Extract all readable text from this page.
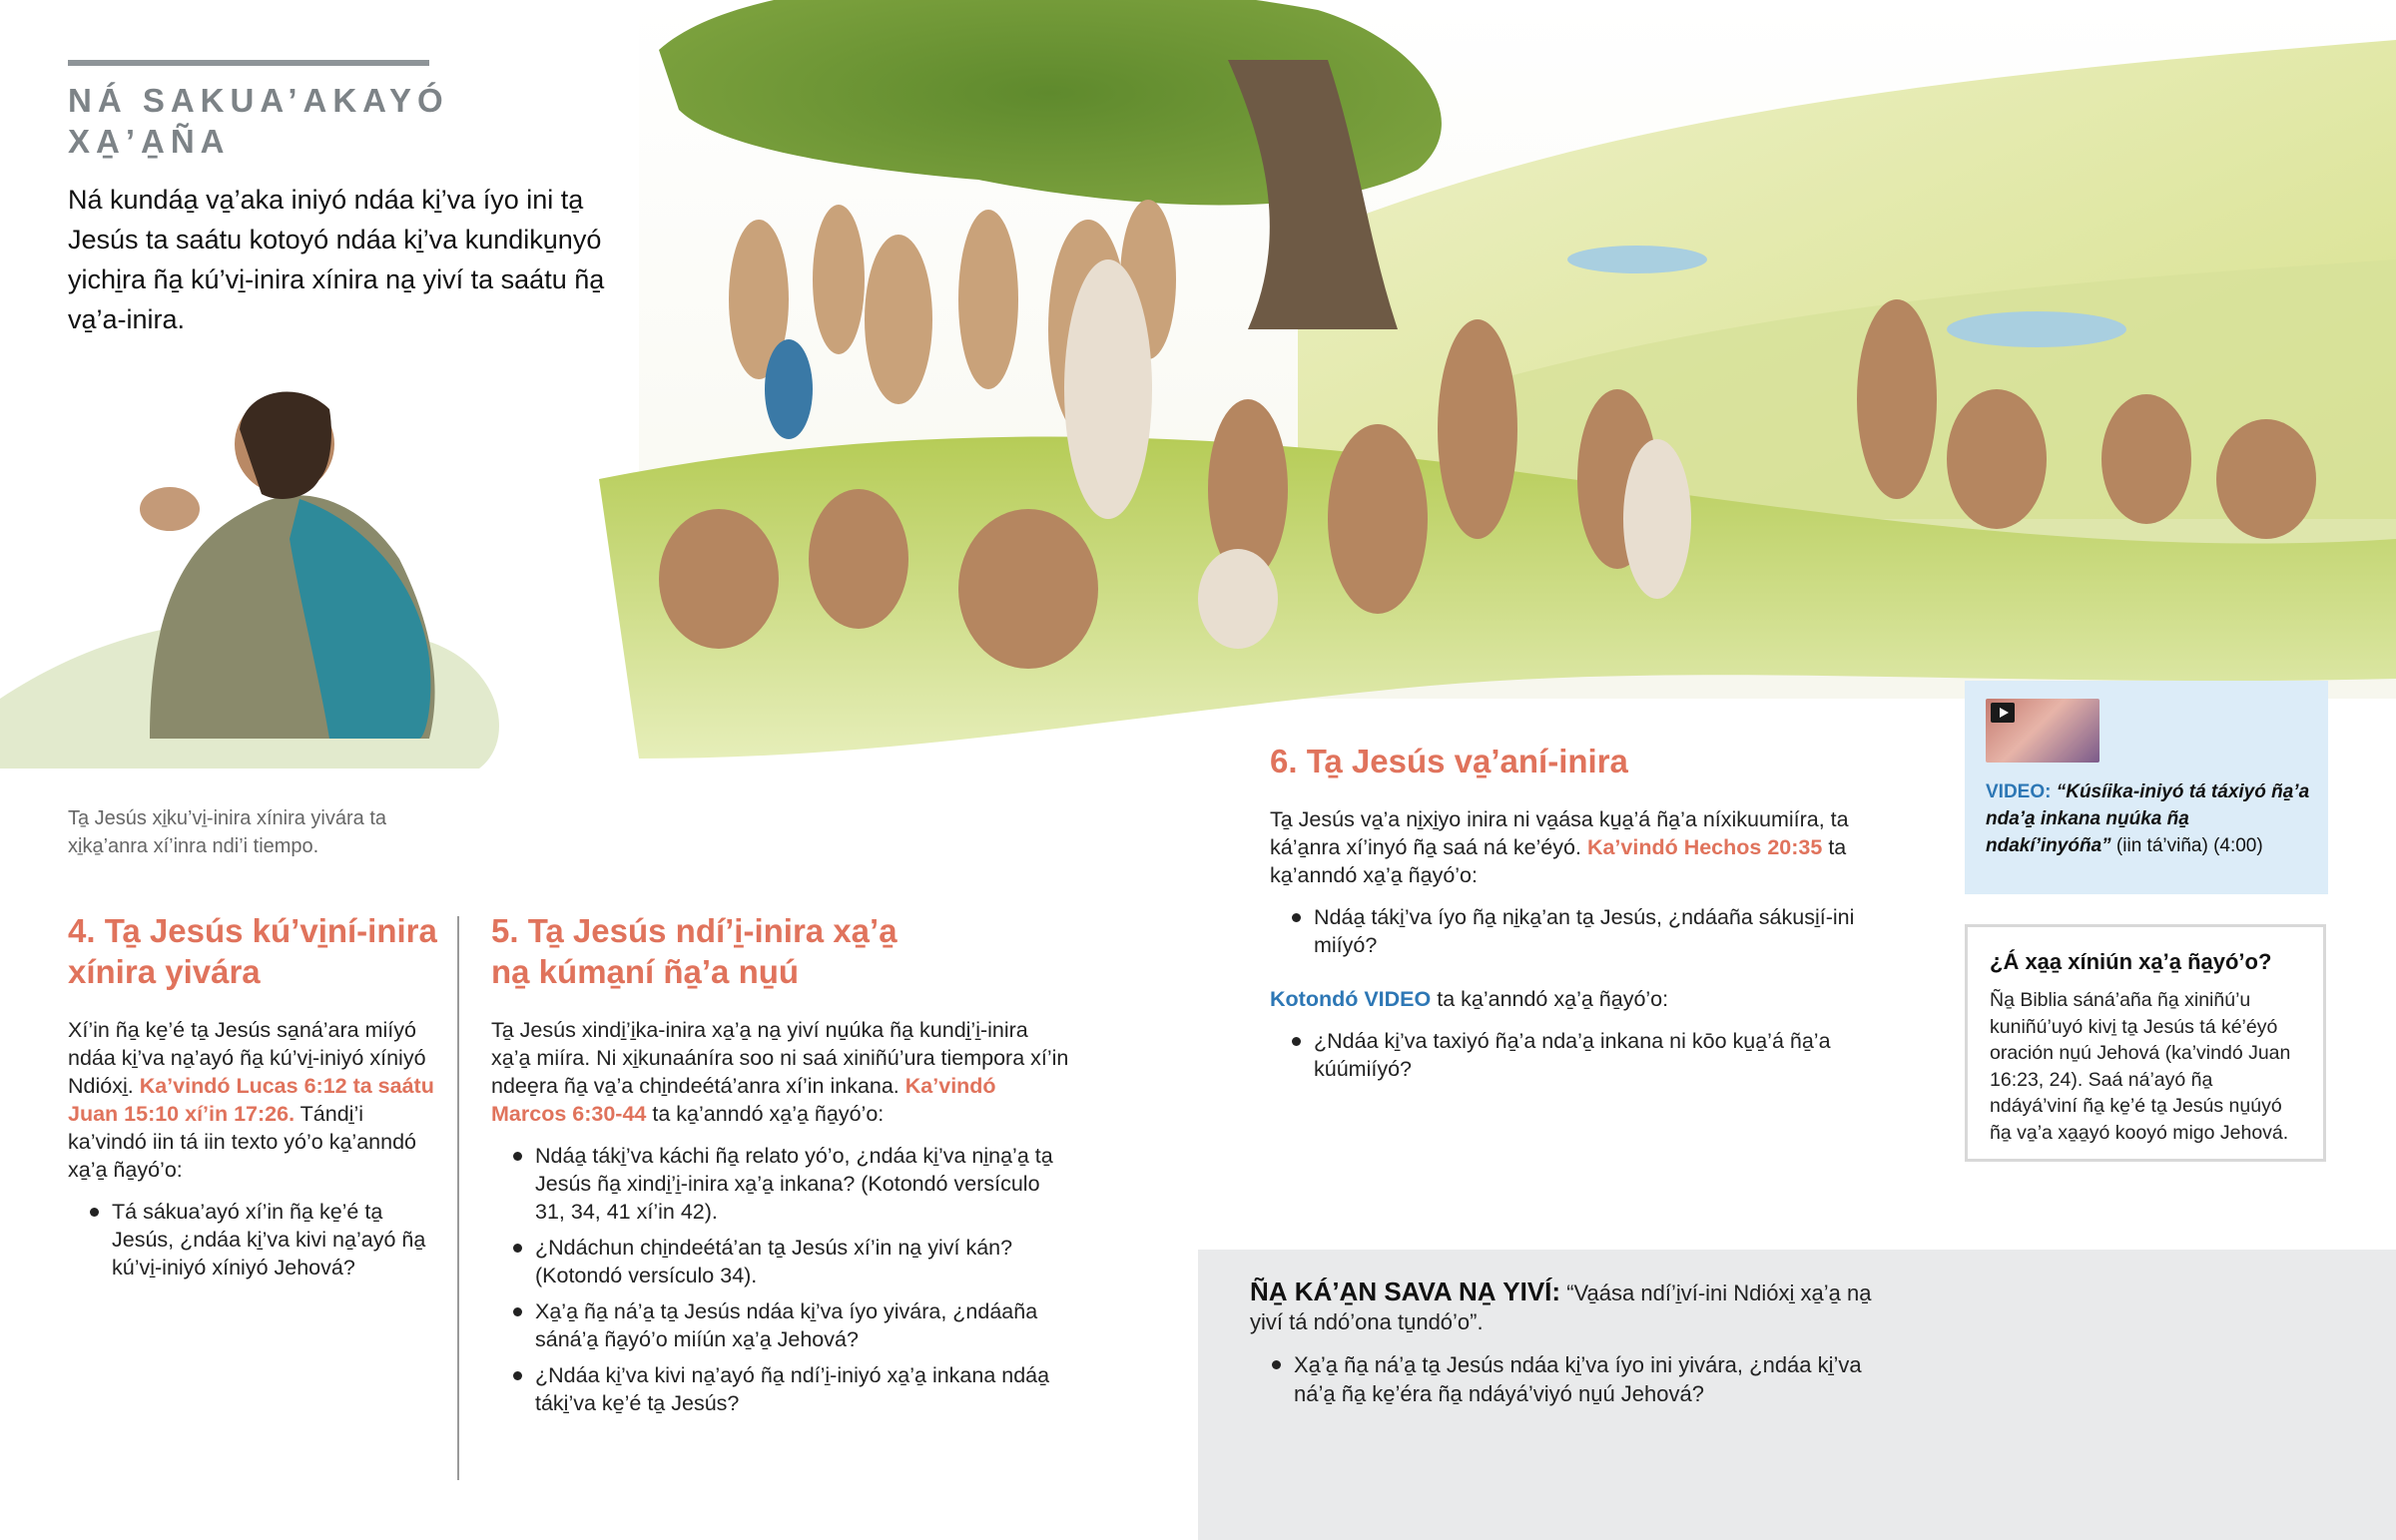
NÁ SAKUA’AKAYÓ
XA̱’A̱ÑA
Ná kundáa̱ va̱’aka iniyó ndáa ki̱’va íyo ini ta̱ Jesús ta saátu kotoyó ndáa ki̱’va kundiku̱nyó yichi̱ra ña̱ kú’vi̱-inira xínira na̱ yiví ta saátu ña̱ va̱’a-inira.
Ta̱ Jesús xi̱ku’vi̱-inira xínira yivára ta xi̱ka̱’anra xí’inra ndi’i tiempo.
4. Ta̱ Jesús kú’vi̱ní-inira
xínira yivára

Xí’in ña̱ ke̱’é ta̱ Jesús sa̱ná’ara miíyó ndáa ki̱’va na̱’ayó ña̱ kú’vi̱-iniyó xíniyó Ndióxi̱. Ka’vindó Lucas 6:12 ta saátu Juan 15:10 xí’in 17:26. Tándi̱’i ka’vindó iin tá iin texto yó’o ka̱’anndó xa̱’a̱ ña̱yó’o:

Tá sákua’ayó xí’in ña̱ ke̱’é ta̱ Jesús, ¿ndáa ki̱’va kivi na̱’ayó ña̱ kú’vi̱-iniyó xíniyó Jehová?
5. Ta̱ Jesús ndí’i̱-inira xa̱’a̱
na̱ kúma̱ní ña̱’a nu̱ú

Ta̱ Jesús xindi̱’i̱ka-inira xa̱’a̱ na̱ yiví nu̱úka ña̱ kundi̱’i̱-inira xa̱’a̱ miíra. Ni xi̱kunaáníra soo ni saá xiniñú’ura tiempora xí’in ndee̱ra ña̱ va̱’a chi̱ndeétá’anra xí’in inkana. Ka’vindó Marcos 6:30-44 ta ka̱’anndó xa̱’a̱ ña̱yó’o:

Ndáa̱ táki̱’va káchi ña̱ relato yó’o, ¿ndáa ki̱’va ni̱na̱’a̱ ta̱ Jesús ña̱ xindi̱’i̱-inira xa̱’a̱ inkana? (Kotondó versículo 31, 34, 41 xí’in 42).
¿Ndáchun chi̱ndeétá’an ta̱ Jesús xí’in na̱ yiví kán? (Kotondó versículo 34).
Xa̱’a̱ ña̱ ná’a̱ ta̱ Jesús ndáa ki̱’va íyo yivára, ¿ndáaña sáná’a̱ ña̱yó’o miíún xa̱’a̱ Jehová?
¿Ndáa ki̱’va kivi na̱’ayó ña̱ ndí’i̱-iniyó xa̱’a̱ inkana ndáa̱ táki̱’va ke̱’é ta̱ Jesús?
6. Ta̱ Jesús va̱’aní-inira

Ta̱ Jesús va̱’a ni̱xi̱yo inira ni va̱ása ku̱a̱’á ña̱’a níxikuumiíra, ta ká’a̱nra xí’inyó ña̱ saá ná ke’éyó. Ka’vindó Hechos 20:35 ta ka̱’anndó xa̱’a̱ ña̱yó’o:

Ndáa̱ táki̱’va íyo ña̱ ni̱ka̱’an ta̱ Jesús, ¿ndáaña sákusi̱í-ini miíyó?

Kotondó VIDEO ta ka̱’anndó xa̱’a̱ ña̱yó’o:

¿Ndáa ki̱’va taxiyó ña̱’a nda’a̱ inkana ni kōo ku̱a̱’á ña̱’a kúúmiíyó?
VIDEO: “Kúsíika-iniyó tá táxiyó ña̱’a nda’a̱ inkana nu̱úka ña̱ ndakí’inyóña” (iin tá’viña) (4:00)
¿Á xa̱a̱ xíniún xa̱’a̱ ña̱yó’o?

Ña̱ Biblia sáná’aña ña̱ xiniñú’u kuniñú’uyó kivi̱ ta̱ Jesús tá ké’éyó oración nu̱ú Jehová (ka’vindó Juan 16:23, 24). Saá ná’ayó ña̱ ndáyá’viní ña̱ ke̱’é ta̱ Jesús nu̱úyó ña̱ va̱’a xa̱a̱yó kooyó migo Jehová.

ÑA̱ KÁ’A̱N SAVA NA̱ YIVÍ: “Va̱ása ndí’i̱ví-ini Ndióxi̱ xa̱’a̱ na̱ yiví tá ndó’ona tu̱ndó’o”.

Xa̱’a̱ ña̱ ná’a̱ ta̱ Jesús ndáa ki̱’va íyo ini yivára, ¿ndáa ki̱’va ná’a̱ ña̱ ke̱’éra ña̱ ndáyá’viyó nu̱ú Jehová?
